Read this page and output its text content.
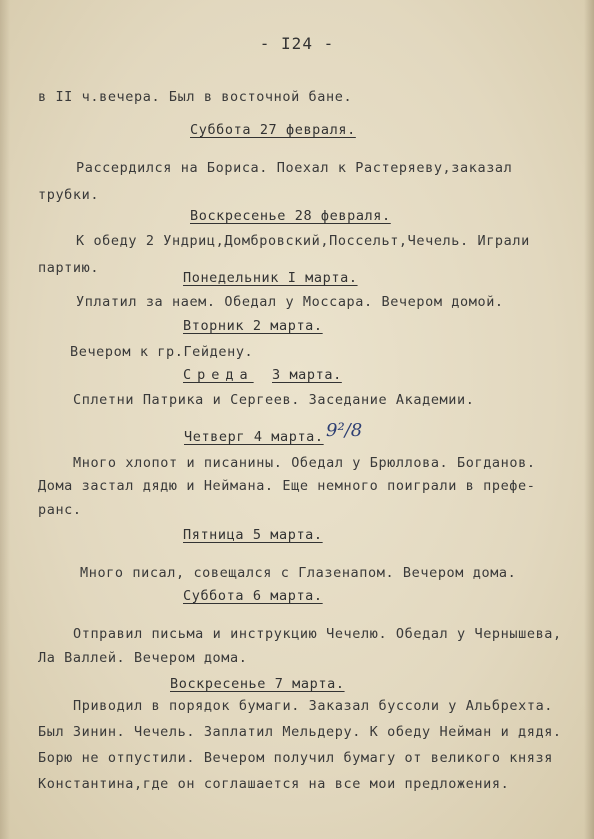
- I24 -
в II ч.вечера. Был в восточной бане.
Суббота 27 февраля.
Рассердился на Бориса. Поехал к Растеряеву,заказал
трубки.
Воскресенье 28 февраля.
К обеду 2 Ундриц,Домбровский,Поссельт,Чечель. Играли
партию.
Понедельник I марта.
Уплатил за наем. Обедал у Моссара. Вечером домой.
Вторник 2 марта.
Вечером к гр.Гейдену.
Среда 3 марта.
Сплетни Патрика и Сергеев. Заседание Академии.
Четверг 4 марта. 9²/8
Много хлопот и писанины. Обедал у Брюллова. Богданов.
Дома застал дядю и Неймана. Еще немного поиграли в префе-
ранс.
Пятница 5 марта.
​
Много писал, совещался с Глазенапом. Вечером дома.
Суббота 6 марта.
Отправил письма и инструкцию Чечелю. Обедал у Чернышева,
Ла Валлей. Вечером дома.
Воскресенье 7 марта.
Приводил в порядок бумаги. Заказал буссоли у Альбрехта.
Был Зинин. Чечель. Заплатил Мельдеру. К обеду Нейман и дядя.
Борю не отпустили. Вечером получил бумагу от великого князя
Константина,где он соглашается на все мои предложения.
